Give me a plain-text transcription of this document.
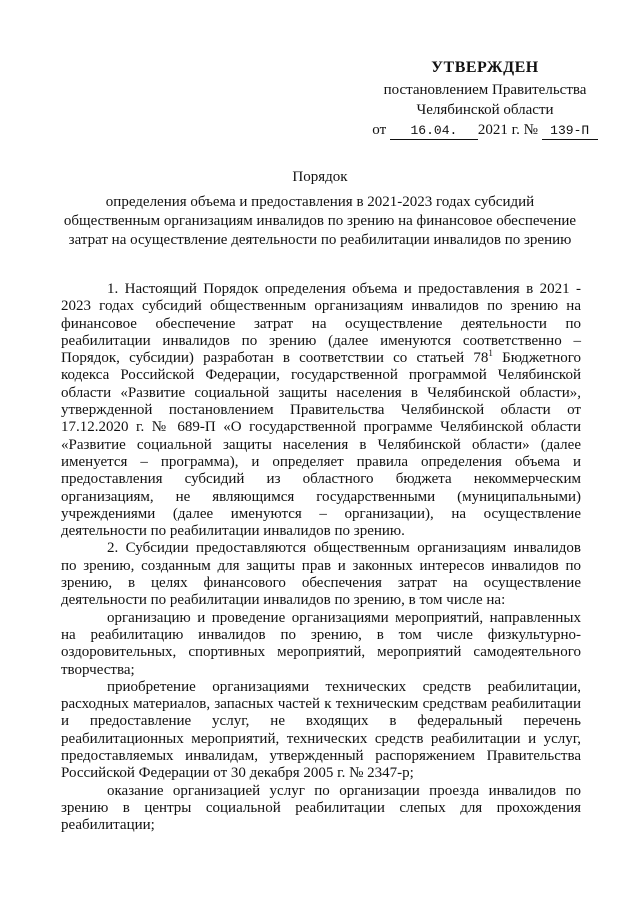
УТВЕРЖДЕН
постановлением Правительства
Челябинской области
от 16.04. 2021 г. № 139-П
Порядок
определения объема и предоставления в 2021-2023 годах субсидий
общественным организациям инвалидов по зрению на финансовое обеспечение
затрат на осуществление деятельности по реабилитации инвалидов по зрению

1. Настоящий Порядок определения объема и предоставления в 2021 - 2023 годах субсидий общественным организациям инвалидов по зрению на финансовое обеспечение затрат на осуществление деятельности по реабилитации инвалидов по зрению (далее именуются соответственно – Порядок, субсидии) разработан в соответствии со статьей $78^1$ Бюджетного кодекса Российской Федерации, государственной программой Челябинской области «Развитие социальной защиты населения в Челябинской области», утвержденной постановлением Правительства Челябинской области от 17.12.2020 г. № 689-П «О государственной программе Челябинской области «Развитие социальной защиты населения в Челябинской области» (далее именуется – программа), и определяет правила определения объема и предоставления субсидий из областного бюджета некоммерческим организациям, не являющимся государственными (муниципальными) учреждениями (далее именуются – организации), на осуществление деятельности по реабилитации инвалидов по зрению.

2. Субсидии предоставляются общественным организациям инвалидов по зрению, созданным для защиты прав и законных интересов инвалидов по зрению, в целях финансового обеспечения затрат на осуществление деятельности по реабилитации инвалидов по зрению, в том числе на:

организацию и проведение организациями мероприятий, направленных на реабилитацию инвалидов по зрению, в том числе физкультурно-оздоровительных, спортивных мероприятий, мероприятий самодеятельного творчества;

приобретение организациями технических средств реабилитации, расходных материалов, запасных частей к техническим средствам реабилитации и предоставление услуг, не входящих в федеральный перечень реабилитационных мероприятий, технических средств реабилитации и услуг, предоставляемых инвалидам, утвержденный распоряжением Правительства Российской Федерации от 30 декабря 2005 г. № 2347-р;

оказание организацией услуг по организации проезда инвалидов по зрению в центры социальной реабилитации слепых для прохождения реабилитации;
